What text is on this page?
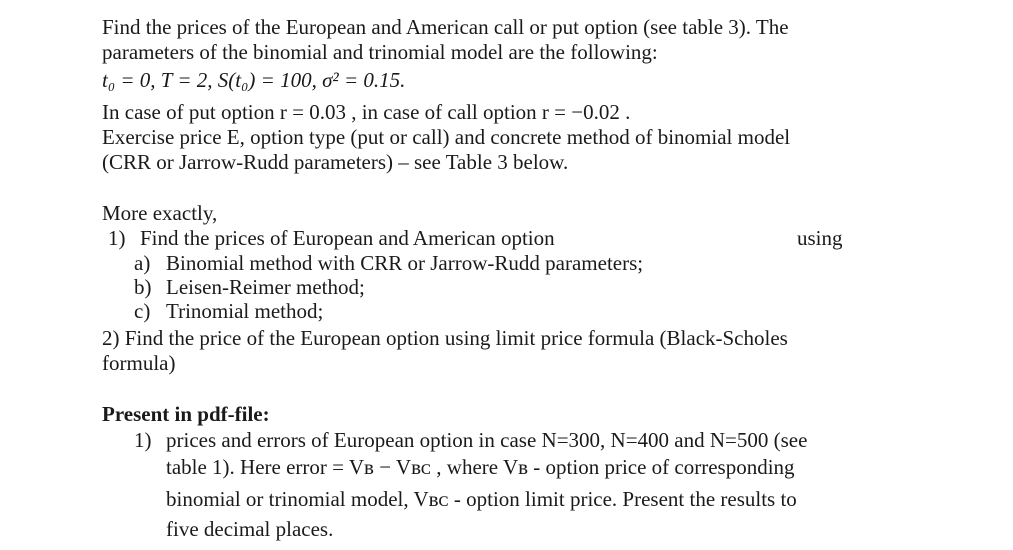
Find the prices of the European and American call or put option (see table 3). The
parameters of the binomial and trinomial model are the following:
t₀ = 0, T = 2, S(t₀) = 100, σ² = 0.15.
In case of put option r = 0.03 , in case of call option r = −0.02 .
Exercise price E, option type (put or call) and concrete method of binomial model
(CRR or Jarrow-Rudd parameters) – see Table 3 below.
More exactly,
1) Find the prices of European and American option	using
a) Binomial method with CRR or Jarrow-Rudd parameters;
b) Leisen-Reimer method;
c) Trinomial method;
2) Find the price of the European option using limit price formula (Black-Scholes
formula)
Present in pdf-file:
1) prices and errors of European option in case N=300, N=400 and N=500 (see
table 1). Here error = Vʙ − Vʙᴄ , where Vʙ - option price of corresponding
binomial or trinomial model, Vʙᴄ - option limit price. Present the results to
five decimal places.
